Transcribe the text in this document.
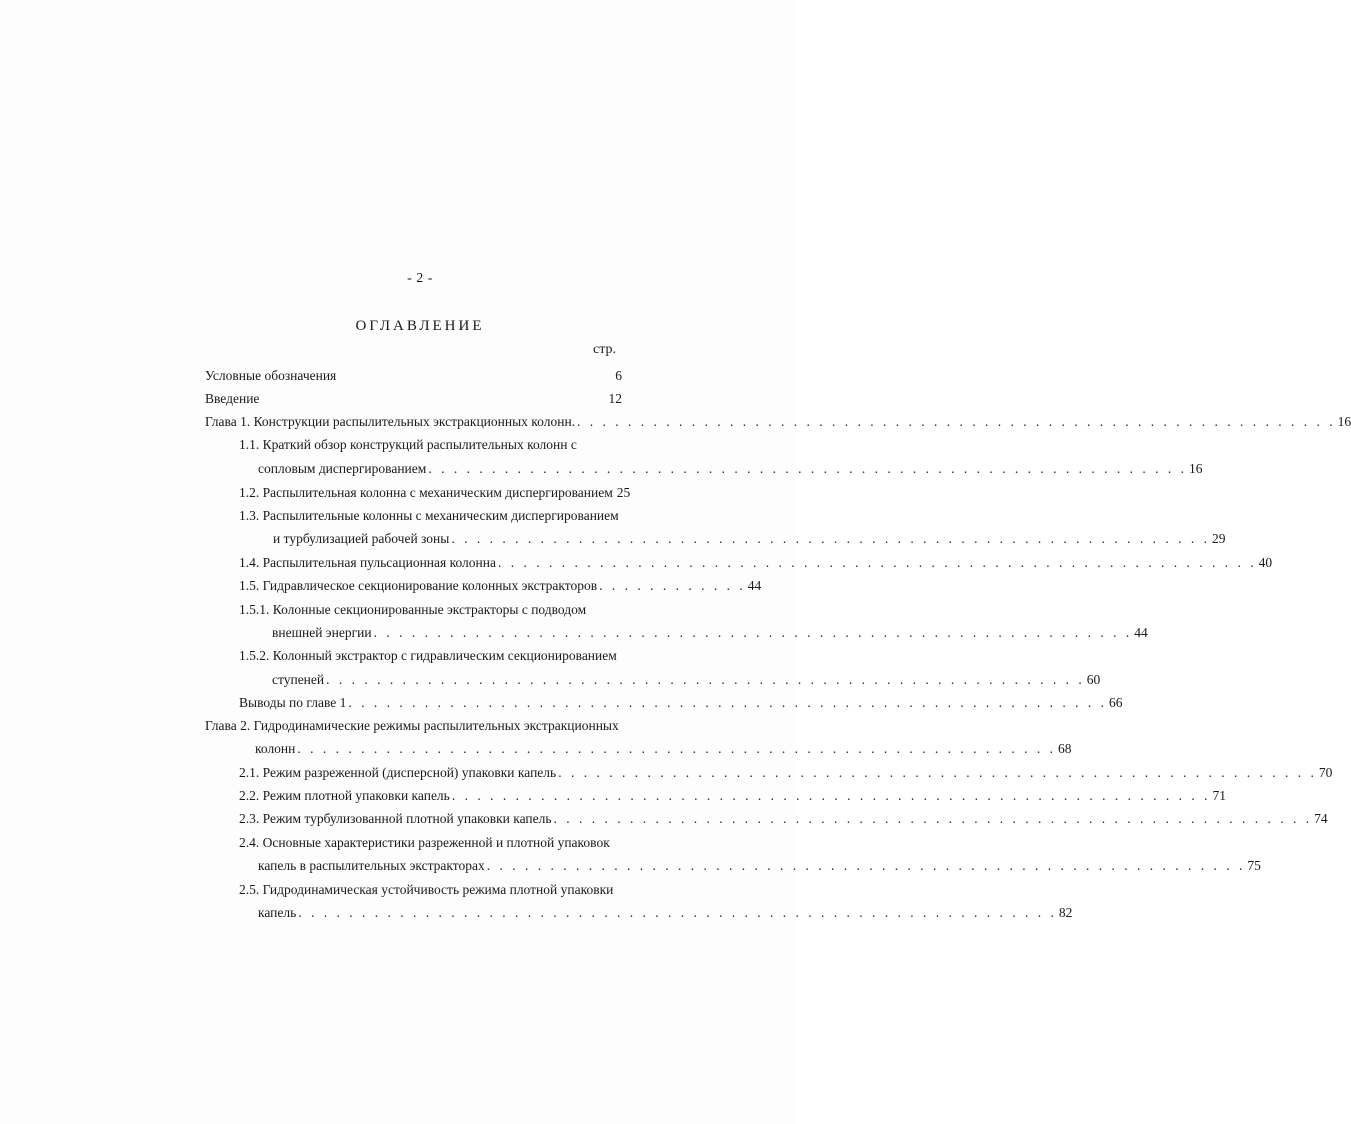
- 2 -
ОГЛАВЛЕНИЕ
стр.
Условные обозначения	6
Введение	12
Глава 1. Конструкции распылительных экстракционных колонн. . . . . . . . . . . . . . . . . . . . . . . . . . . . . . . . . . . . . . . . . . . . . . . . . . . . . . . . . . . . . 16
1.1. Краткий обзор конструкций распылительных колонн с
сопловым диспергированием . . . . . . . . . . . . . . . . . . . . . . . . . . . . . . . . . . . . . . . . . . . . . . . . . . . . . . . . . . . . 16
1.2. Распылительная колонна с механическим диспергированием 25
1.3. Распылительные колонны с механическим диспергированием
и турбулизацией рабочей зоны . . . . . . . . . . . . . . . . . . . . . . . . . . . . . . . . . . . . . . . . . . . . . . . . . . . . . . . . . . . . 29
1.4. Распылительная пульсационная колонна . . . . . . . . . . . . . . . . . . . . . . . . . . . . . . . . . . . . . . . . . . . . . . . . . . . . . . . . . . . . 40
1.5. Гидравлическое секционирование колонных экстракторов . . . . . . . . . . . . 44
1.5.1. Колонные секционированные экстракторы с подводом
внешней энергии . . . . . . . . . . . . . . . . . . . . . . . . . . . . . . . . . . . . . . . . . . . . . . . . . . . . . . . . . . . . 44
1.5.2. Колонный экстрактор с гидравлическим секционированием
ступеней . . . . . . . . . . . . . . . . . . . . . . . . . . . . . . . . . . . . . . . . . . . . . . . . . . . . . . . . . . . . 60
Выводы по главе 1 . . . . . . . . . . . . . . . . . . . . . . . . . . . . . . . . . . . . . . . . . . . . . . . . . . . . . . . . . . . . 66
Глава 2. Гидродинамические режимы распылительных экстракционных
колонн . . . . . . . . . . . . . . . . . . . . . . . . . . . . . . . . . . . . . . . . . . . . . . . . . . . . . . . . . . . . 68
2.1. Режим разреженной (дисперсной) упаковки капель . . . . . . . . . . . . . . . . . . . . . . . . . . . . . . . . . . . . . . . . . . . . . . . . . . . . . . . . . . . . 70
2.2. Режим плотной упаковки капель . . . . . . . . . . . . . . . . . . . . . . . . . . . . . . . . . . . . . . . . . . . . . . . . . . . . . . . . . . . . 71
2.3. Режим турбулизованной плотной упаковки капель . . . . . . . . . . . . . . . . . . . . . . . . . . . . . . . . . . . . . . . . . . . . . . . . . . . . . . . . . . . . 74
2.4. Основные характеристики разреженной и плотной упаковок
капель в распылительных экстракторах . . . . . . . . . . . . . . . . . . . . . . . . . . . . . . . . . . . . . . . . . . . . . . . . . . . . . . . . . . . . 75
2.5. Гидродинамическая устойчивость режима плотной упаковки
капель . . . . . . . . . . . . . . . . . . . . . . . . . . . . . . . . . . . . . . . . . . . . . . . . . . . . . . . . . . . . 82
